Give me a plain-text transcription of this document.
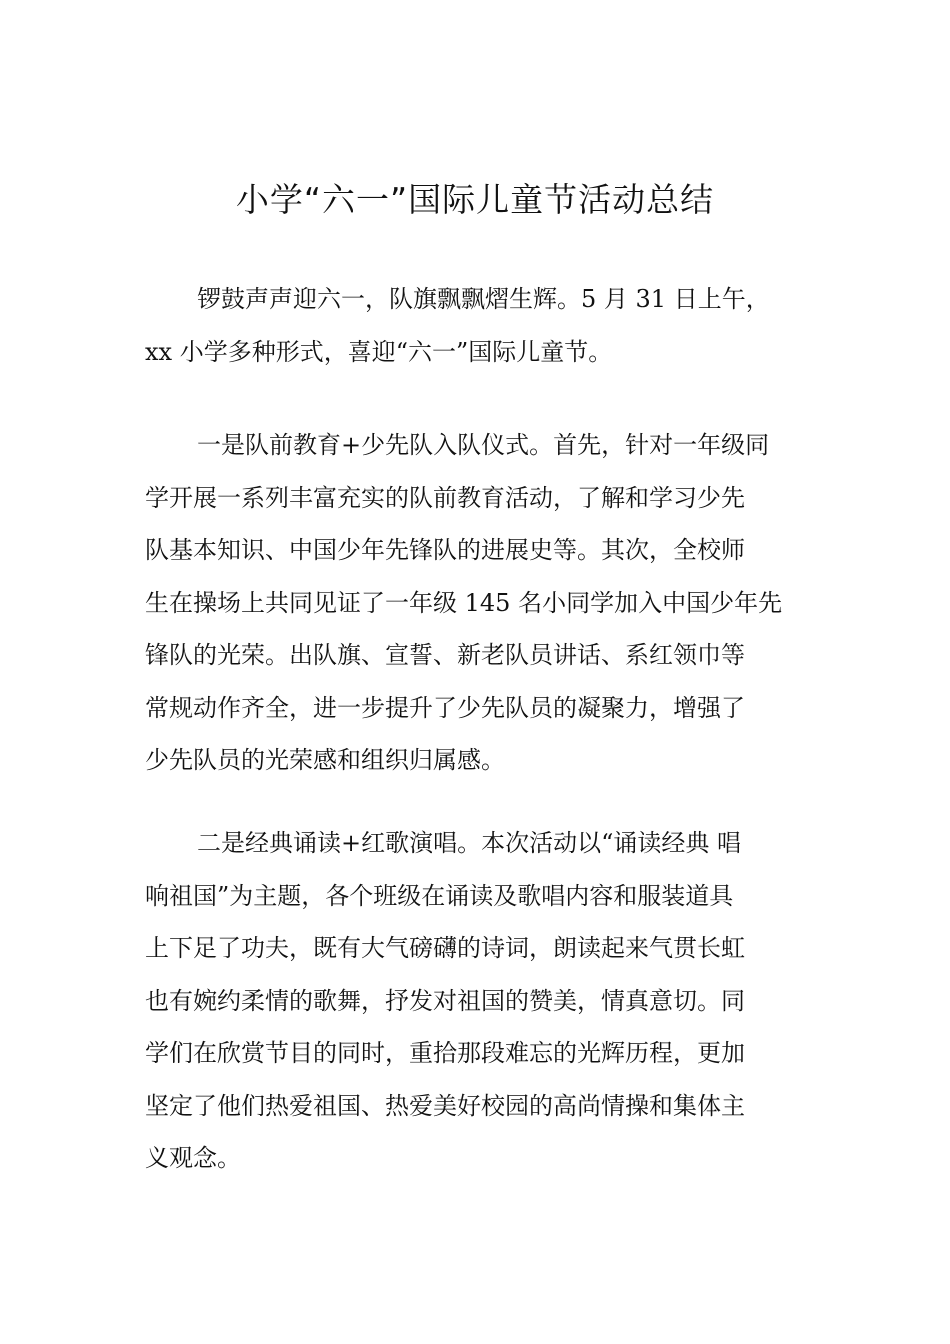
小学“六一”国际儿童节活动总结
锣鼓声声迎六一，队旗飘飘熠生辉。5 月 31 日上午，
xx 小学多种形式，喜迎“六一”国际儿童节。
一是队前教育+少先队入队仪式。首先，针对一年级同
学开展一系列丰富充实的队前教育活动，了解和学习少先
队基本知识、中国少年先锋队的进展史等。其次，全校师
生在操场上共同见证了一年级 145 名小同学加入中国少年先
锋队的光荣。出队旗、宣誓、新老队员讲话、系红领巾等
常规动作齐全，进一步提升了少先队员的凝聚力，增强了
少先队员的光荣感和组织归属感。
二是经典诵读+红歌演唱。本次活动以“诵读经典 唱
响祖国”为主题，各个班级在诵读及歌唱内容和服装道具
上下足了功夫，既有大气磅礴的诗词，朗读起来气贯长虹
也有婉约柔情的歌舞，抒发对祖国的赞美，情真意切。同
学们在欣赏节目的同时，重拾那段难忘的光辉历程，更加
坚定了他们热爱祖国、热爱美好校园的高尚情操和集体主
义观念。
